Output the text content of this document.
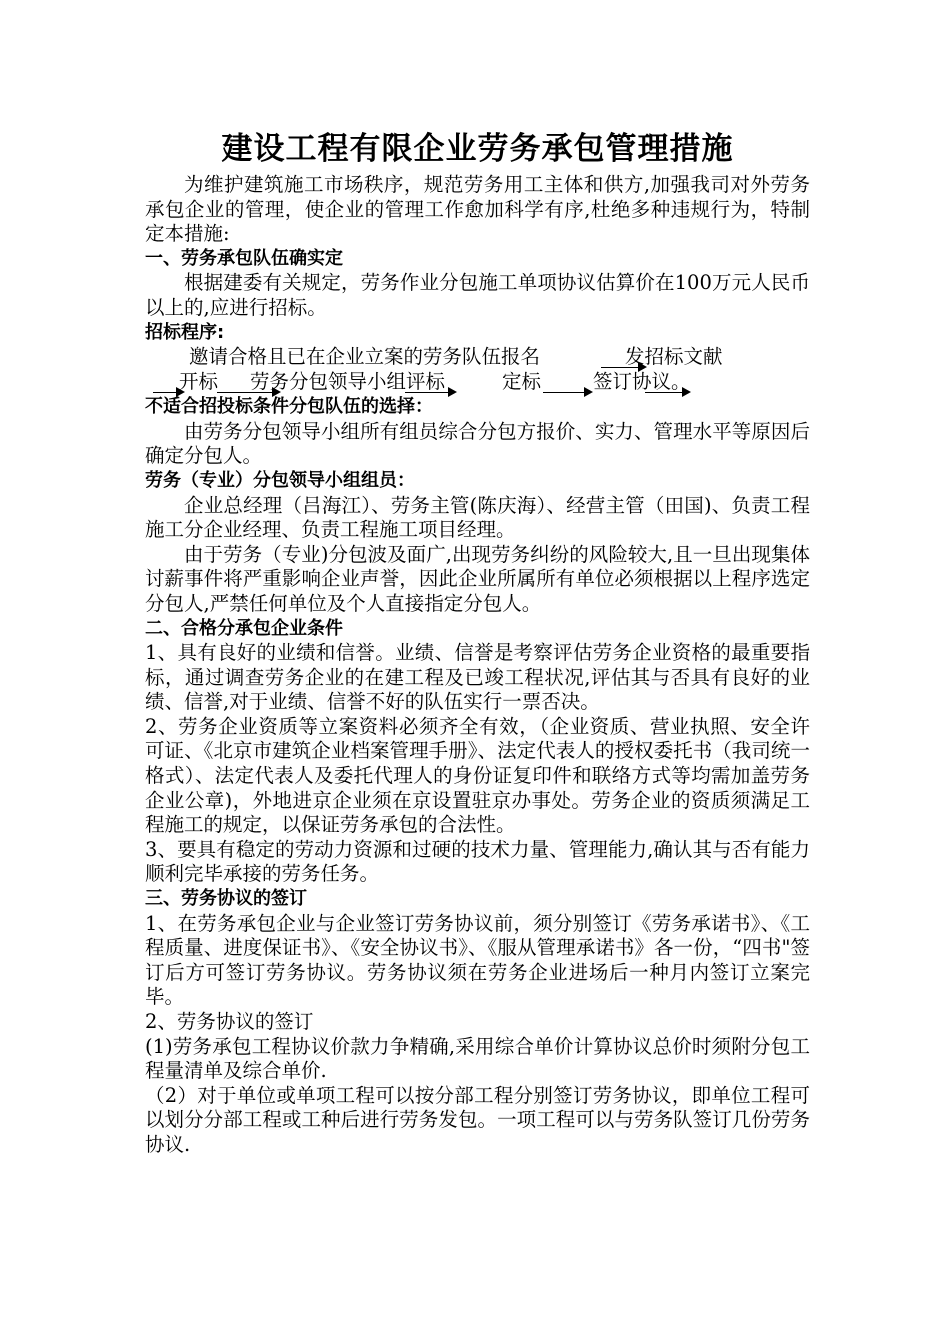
建设工程有限企业劳务承包管理措施

为维护建筑施工市场秩序，规范劳务用工主体和供方,加强我司对外劳务承包企业的管理，使企业的管理工作愈加科学有序,杜绝多种违规行为，特制定本措施:

一、劳务承包队伍确实定

根据建委有关规定，劳务作业分包施工单项协议估算价在100万元人民币以上的,应进行招标。

招标程序:

邀请合格且已在企业立案的劳务队伍报名	发招标文献
开标 劳务分包领导小组评标	定标	签订协议。

不适合招投标条件分包队伍的选择：

由劳务分包领导小组所有组员综合分包方报价、实力、管理水平等原因后确定分包人。

劳务（专业）分包领导小组组员：

企业总经理（吕海江）、劳务主管(陈庆海）、经营主管（田国)、负责工程施工分企业经理、负责工程施工项目经理。

由于劳务（专业)分包波及面广,出现劳务纠纷的风险较大,且一旦出现集体讨薪事件将严重影响企业声誉，因此企业所属所有单位必须根据以上程序选定分包人,严禁任何单位及个人直接指定分包人。

二、合格分承包企业条件

1、具有良好的业绩和信誉。业绩、信誉是考察评估劳务企业资格的最重要指标，通过调查劳务企业的在建工程及已竣工程状况,评估其与否具有良好的业绩、信誉,对于业绩、信誉不好的队伍实行一票否决。

2、劳务企业资质等立案资料必须齐全有效，（企业资质、营业执照、安全许可证、《北京市建筑企业档案管理手册》、法定代表人的授权委托书（我司统一格式）、法定代表人及委托代理人的身份证复印件和联络方式等均需加盖劳务企业公章)，外地进京企业须在京设置驻京办事处。劳务企业的资质须满足工程施工的规定，以保证劳务承包的合法性。

3、要具有稳定的劳动力资源和过硬的技术力量、管理能力,确认其与否有能力顺利完毕承接的劳务任务。

三、劳务协议的签订

1、在劳务承包企业与企业签订劳务协议前，须分别签订《劳务承诺书》、《工程质量、进度保证书》、《安全协议书》、《服从管理承诺书》各一份，“四书"签订后方可签订劳务协议。劳务协议须在劳务企业进场后一种月内签订立案完毕。

2、劳务协议的签订

(1)劳务承包工程协议价款力争精确,采用综合单价计算协议总价时须附分包工程量清单及综合单价.

（2）对于单位或单项工程可以按分部工程分别签订劳务协议，即单位工程可以划分分部工程或工种后进行劳务发包。一项工程可以与劳务队签订几份劳务协议.
